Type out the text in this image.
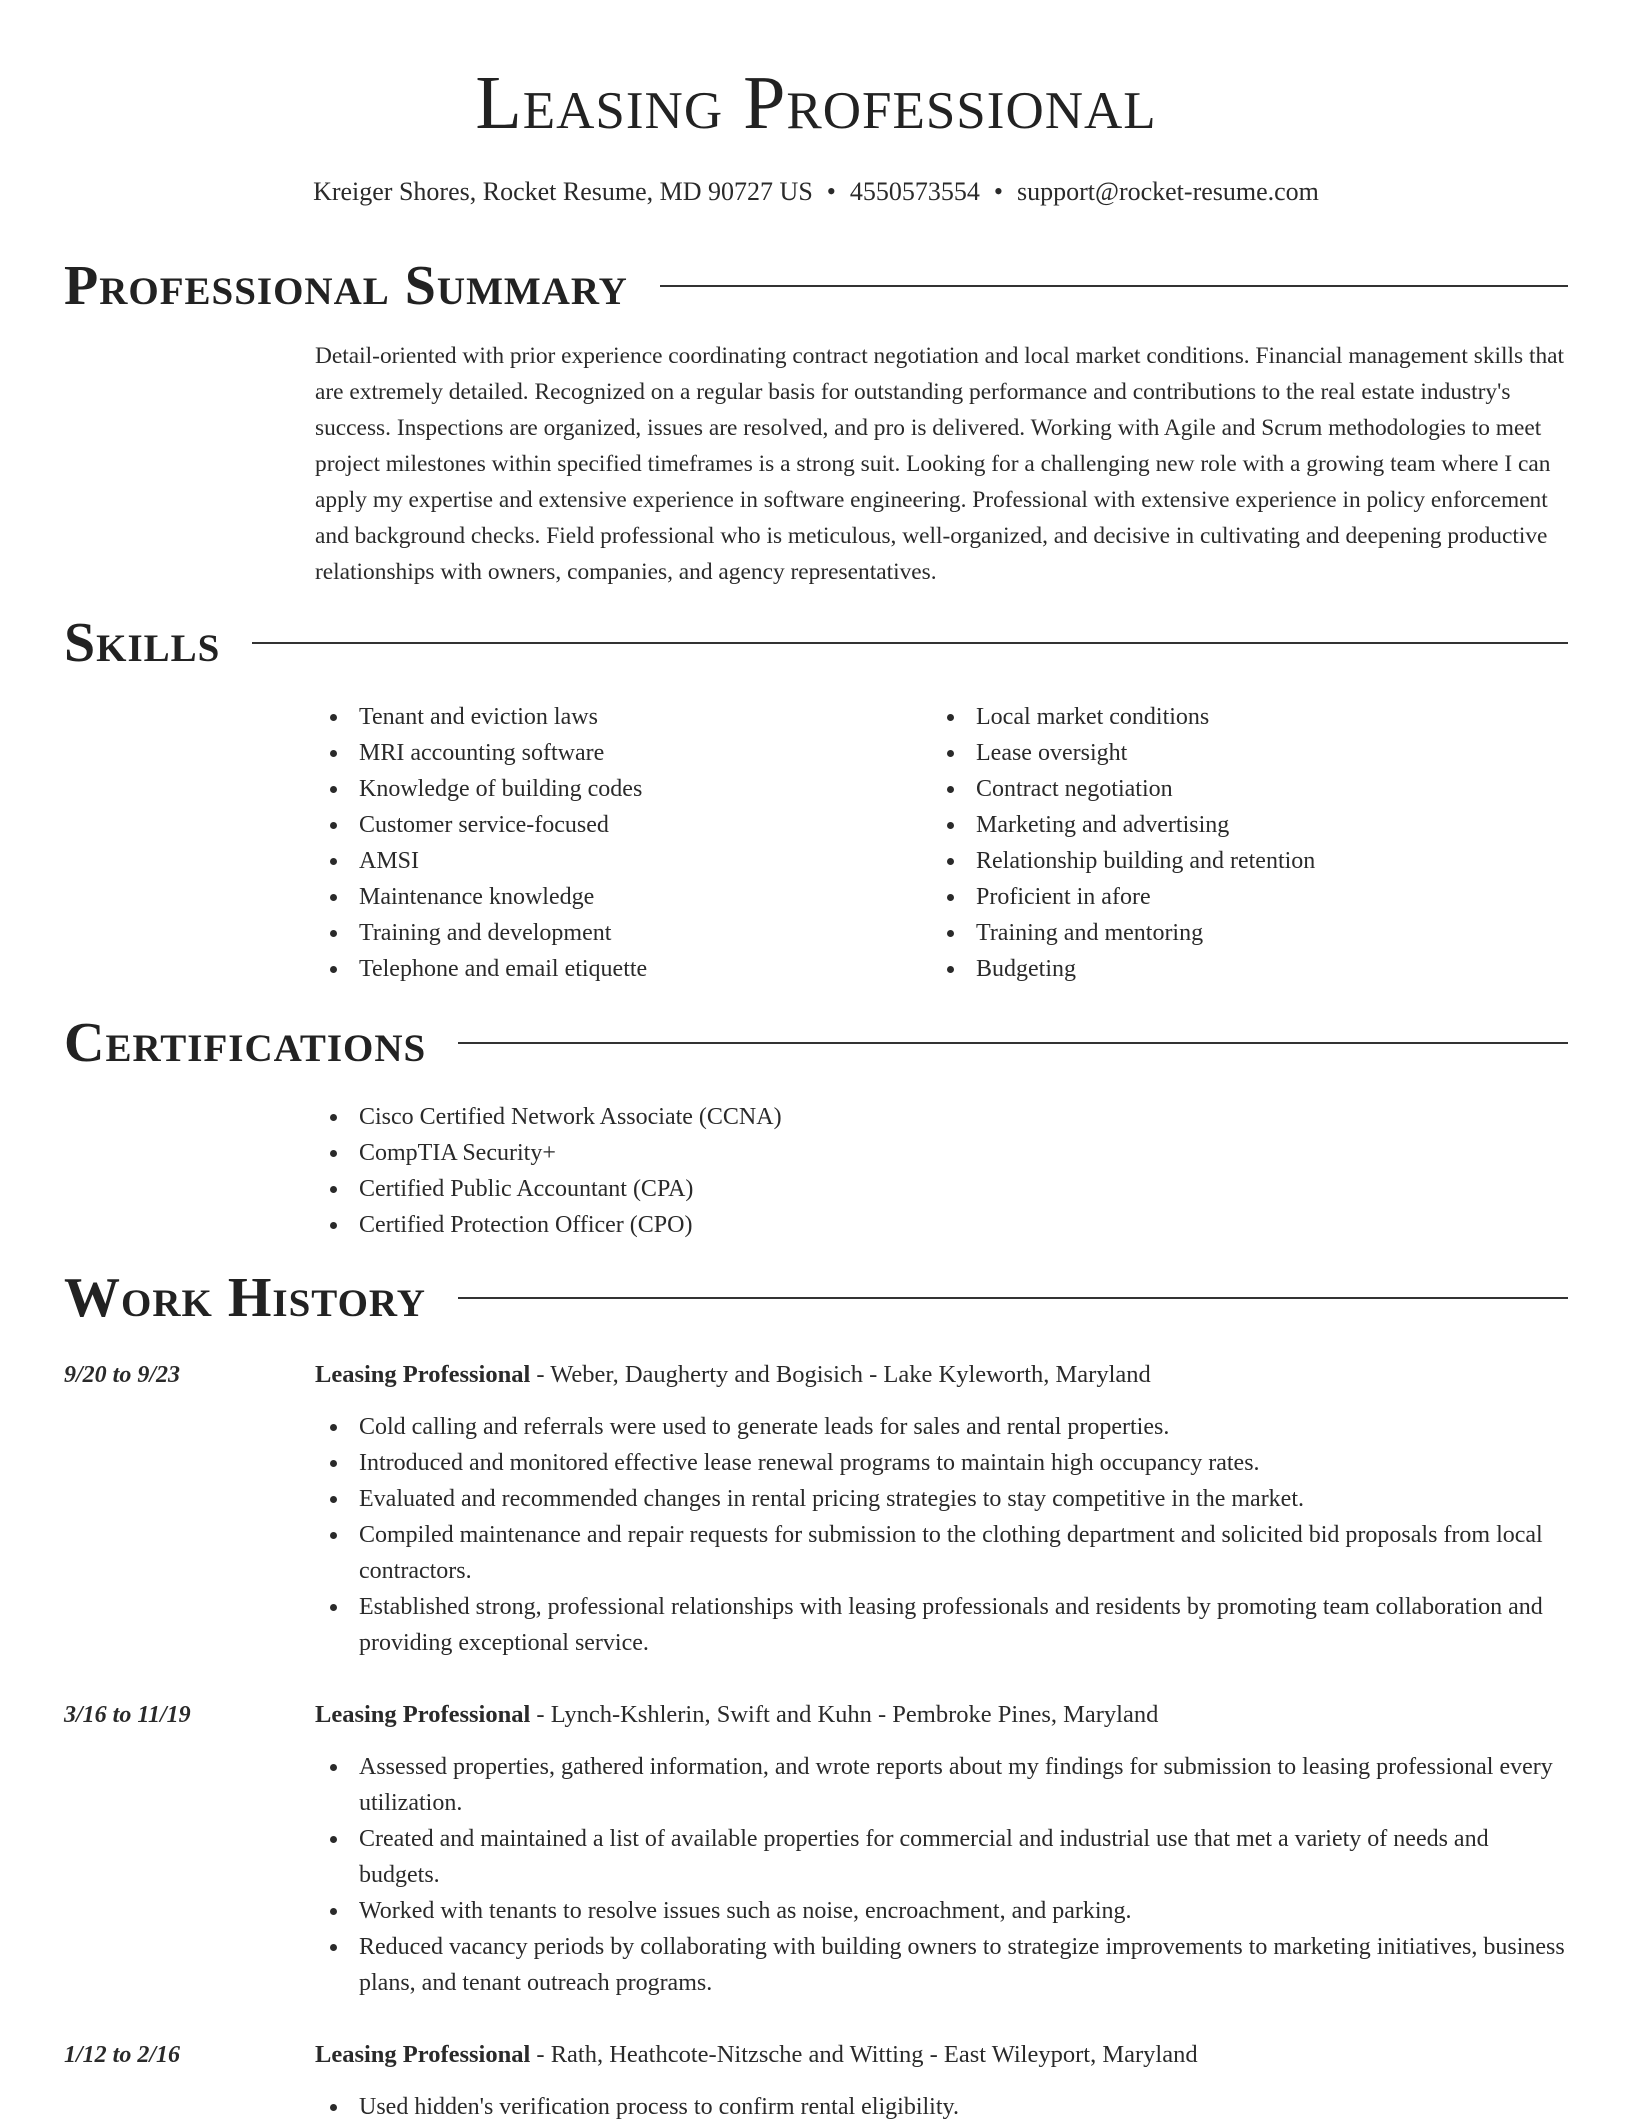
Leasing Professional
Kreiger Shores, Rocket Resume, MD 90727 US • 4550573554 • support@rocket-resume.com
Professional Summary

Detail-oriented with prior experience coordinating contract negotiation and local market conditions. Financial management skills that are extremely detailed. Recognized on a regular basis for outstanding performance and contributions to the real estate industry's success. Inspections are organized, issues are resolved, and pro is delivered. Working with Agile and Scrum methodologies to meet project milestones within specified timeframes is a strong suit. Looking for a challenging new role with a growing team where I can apply my expertise and extensive experience in software engineering. Professional with extensive experience in policy enforcement and background checks. Field professional who is meticulous, well-organized, and decisive in cultivating and deepening productive relationships with owners, companies, and agency representatives.

Skills
Tenant and eviction laws
MRI accounting software
Knowledge of building codes
Customer service-focused
AMSI
Maintenance knowledge
Training and development
Telephone and email etiquette
Local market conditions
Lease oversight
Contract negotiation
Marketing and advertising
Relationship building and retention
Proficient in afore
Training and mentoring
Budgeting
Certifications
Cisco Certified Network Associate (CCNA)
CompTIA Security+
Certified Public Accountant (CPA)
Certified Protection Officer (CPO)
Work History
9/20 to 9/23	Leasing Professional - Weber, Daugherty and Bogisich - Lake Kyleworth, Maryland
Cold calling and referrals were used to generate leads for sales and rental properties.
Introduced and monitored effective lease renewal programs to maintain high occupancy rates.
Evaluated and recommended changes in rental pricing strategies to stay competitive in the market.
Compiled maintenance and repair requests for submission to the clothing department and solicited bid proposals from local contractors.
Established strong, professional relationships with leasing professionals and residents by promoting team collaboration and providing exceptional service.
3/16 to 11/19	Leasing Professional - Lynch-Kshlerin, Swift and Kuhn - Pembroke Pines, Maryland
Assessed properties, gathered information, and wrote reports about my findings for submission to leasing professional every utilization.
Created and maintained a list of available properties for commercial and industrial use that met a variety of needs and budgets.
Worked with tenants to resolve issues such as noise, encroachment, and parking.
Reduced vacancy periods by collaborating with building owners to strategize improvements to marketing initiatives, business plans, and tenant outreach programs.
1/12 to 2/16	Leasing Professional - Rath, Heathcote-Nitzsche and Witting - East Wileyport, Maryland
Used hidden's verification process to confirm rental eligibility.
